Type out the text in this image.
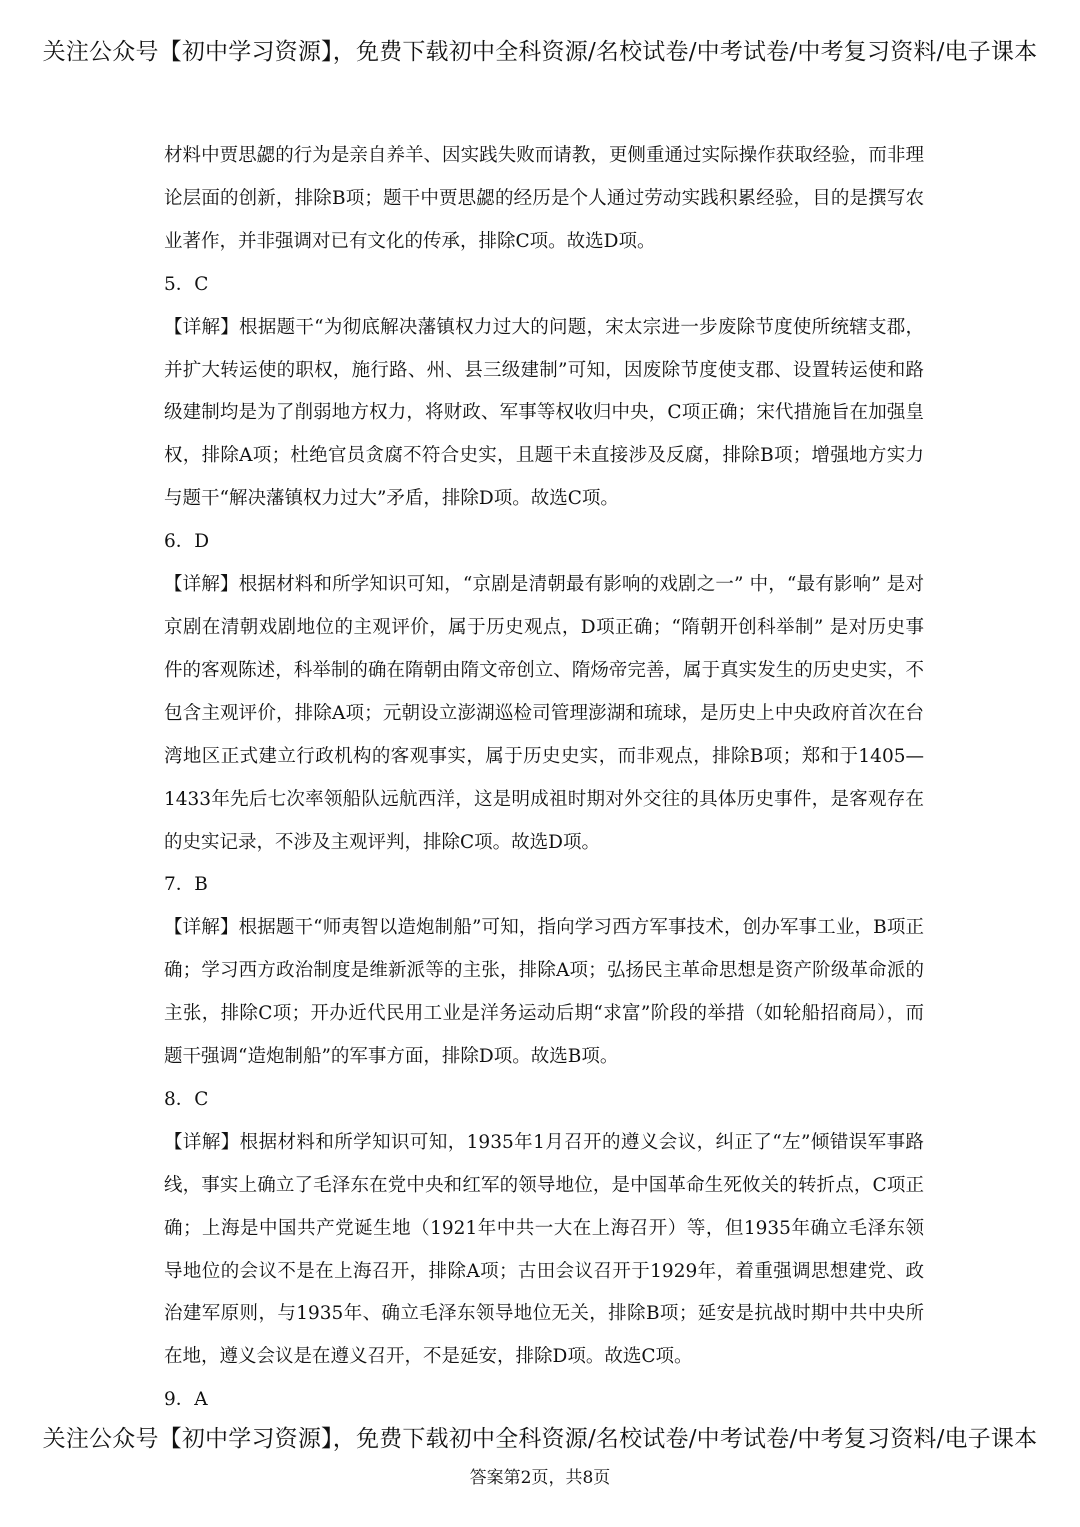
关注公众号【初中学习资源】，免费下载初中全科资源/名校试卷/中考试卷/中考复习资料/电子课本

材料中贾思勰的行为是亲自养羊、因实践失败而请教，更侧重通过实际操作获取经验，而非理论层面的创新，排除B项；题干中贾思勰的经历是个人通过劳动实践积累经验，目的是撰写农业著作，并非强调对已有文化的传承，排除C项。故选D项。

5．C

【详解】根据题干“为彻底解决藩镇权力过大的问题，宋太宗进一步废除节度使所统辖支郡，并扩大转运使的职权，施行路、州、县三级建制”可知，因废除节度使支郡、设置转运使和路级建制均是为了削弱地方权力，将财政、军事等权收归中央，C项正确；宋代措施旨在加强皇权，排除A项；杜绝官员贪腐不符合史实，且题干未直接涉及反腐，排除B项；增强地方实力与题干“解决藩镇权力过大”矛盾，排除D项。故选C项。

6．D

【详解】根据材料和所学知识可知，“京剧是清朝最有影响的戏剧之一” 中，“最有影响” 是对京剧在清朝戏剧地位的主观评价，属于历史观点，D项正确；“隋朝开创科举制” 是对历史事件的客观陈述，科举制的确在隋朝由隋文帝创立、隋炀帝完善，属于真实发生的历史史实，不包含主观评价，排除A项；元朝设立澎湖巡检司管理澎湖和琉球，是历史上中央政府首次在台湾地区正式建立行政机构的客观事实，属于历史史实，而非观点，排除B项；郑和于1405—1433年先后七次率领船队远航西洋，这是明成祖时期对外交往的具体历史事件，是客观存在的史实记录，不涉及主观评判，排除C项。故选D项。

7．B

【详解】根据题干“师夷智以造炮制船”可知，指向学习西方军事技术，创办军事工业，B项正确；学习西方政治制度是维新派等的主张，排除A项；弘扬民主革命思想是资产阶级革命派的主张，排除C项；开办近代民用工业是洋务运动后期“求富”阶段的举措（如轮船招商局），而题干强调“造炮制船”的军事方面，排除D项。故选B项。

8．C

【详解】根据材料和所学知识可知，1935年1月召开的遵义会议，纠正了“左”倾错误军事路线，事实上确立了毛泽东在党中央和红军的领导地位，是中国革命生死攸关的转折点，C项正确；上海是中国共产党诞生地（1921年中共一大在上海召开）等，但1935年确立毛泽东领导地位的会议不是在上海召开，排除A项；古田会议召开于1929年，着重强调思想建党、政治建军原则，与1935年、确立毛泽东领导地位无关，排除B项；延安是抗战时期中共中央所在地，遵义会议是在遵义召开，不是延安，排除D项。故选C项。

9．A

关注公众号【初中学习资源】，免费下载初中全科资源/名校试卷/中考试卷/中考复习资料/电子课本
答案第2页，共8页
